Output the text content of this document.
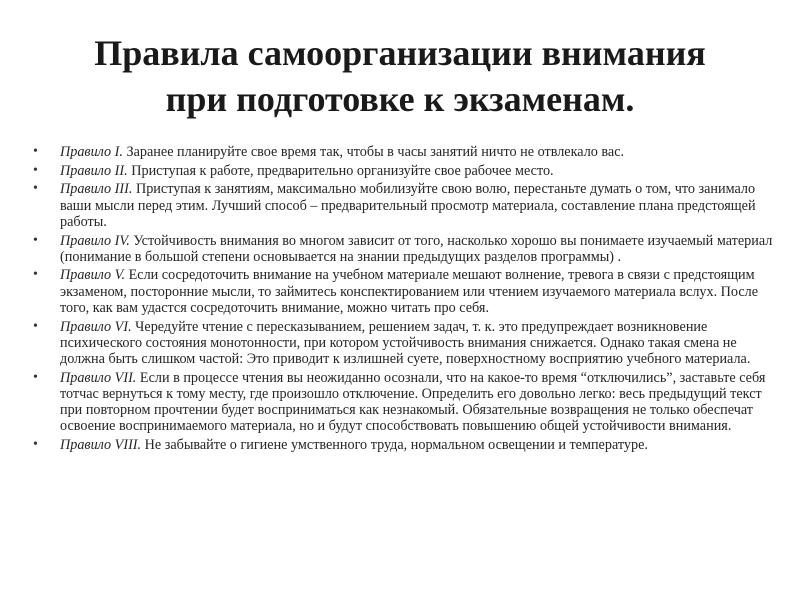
Правила самоорганизации внимания
при подготовке к экзаменам.
• Правило I. Заранее планируйте свое время так, чтобы в часы занятий ничто не отвлекало вас.
• Правило II. Приступая к работе, предварительно организуйте свое рабочее место.
• Правило III. Приступая к занятиям, максимально мобилизуйте свою волю, перестаньте думать о том, что занимало ваши мысли перед этим. Лучший способ – предварительный просмотр материала, составление плана предстоящей работы.
• Правило IV. Устойчивость внимания во многом зависит от того, насколько хорошо вы понимаете изучаемый материал (понимание в большой степени основывается на знании предыдущих разделов программы) .
• Правило V. Если сосредоточить внимание на учебном материале мешают волнение, тревога в связи с предстоящим экзаменом, посторонние мысли, то займитесь конспектированием или чтением изучаемого материала вслух. После того, как вам удастся сосредоточить внимание, можно читать про себя.
• Правило VI. Чередуйте чтение с пересказыванием, решением задач, т. к. это предупреждает возникновение психического состояния монотонности, при котором устойчивость внимания снижается. Однако такая смена не должна быть слишком частой: Это приводит к излишней суете, поверхностному восприятию учебного материала.
• Правило VII. Если в процессе чтения вы неожиданно осознали, что на какое-то время “отключились”, заставьте себя тотчас вернуться к тому месту, где произошло отключение. Определить его довольно легко: весь предыдущий текст при повторном прочтении будет восприниматься как незнакомый. Обязательные возвращения не только обеспечат освоение воспринимаемого материала, но и будут способствовать повышению общей устойчивости внимания.
• Правило VIII. Не забывайте о гигиене умственного труда, нормальном освещении и температуре.
